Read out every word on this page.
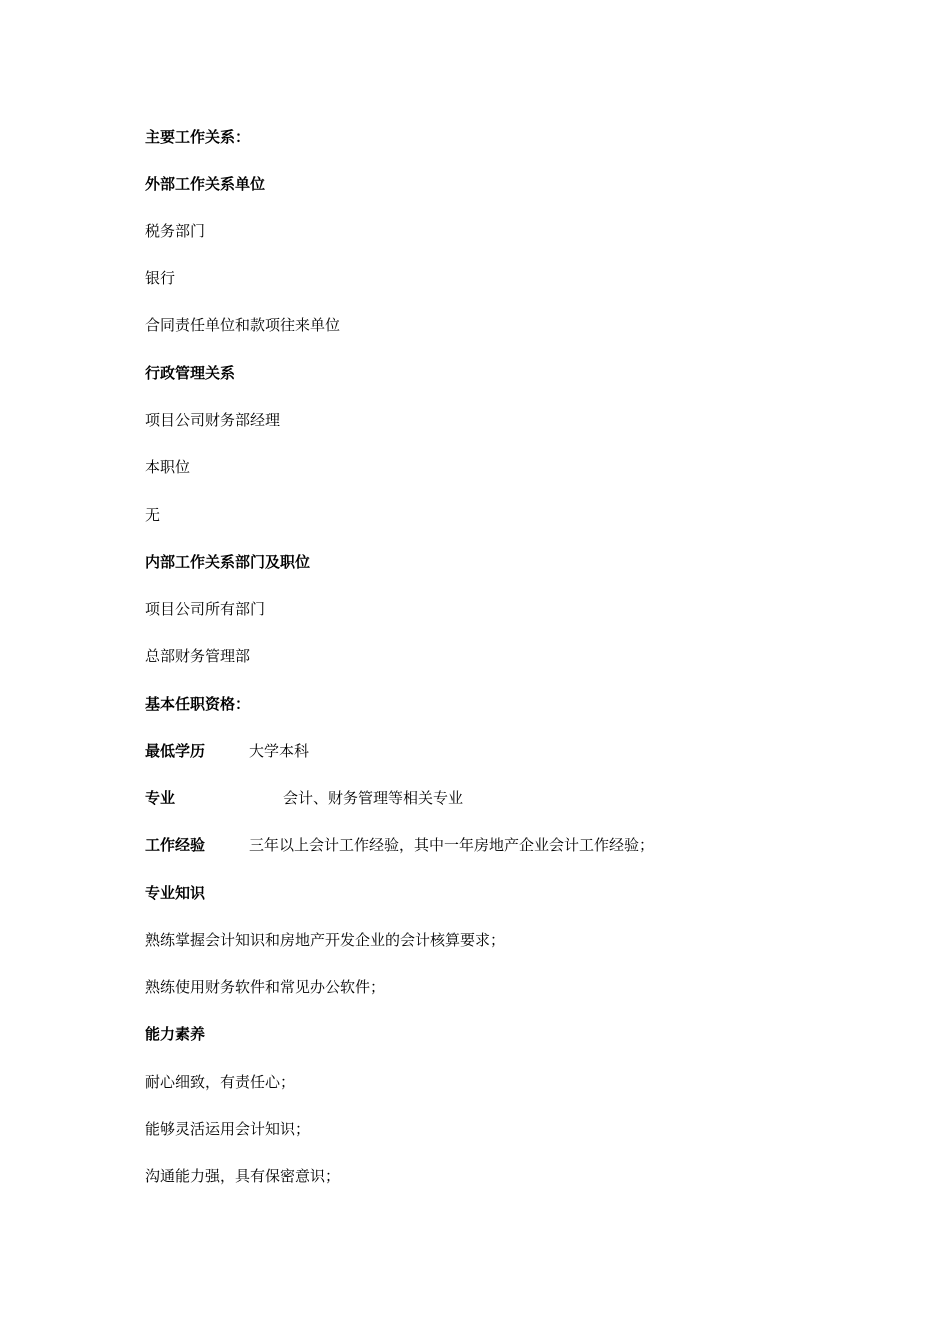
主要工作关系：
外部工作关系单位
税务部门
银行
合同责任单位和款项往来单位
行政管理关系
项目公司财务部经理
本职位
无
内部工作关系部门及职位
项目公司所有部门
总部财务管理部
基本任职资格：
最低学历	大学本科
专业	会计、财务管理等相关专业
工作经验	三年以上会计工作经验，其中一年房地产企业会计工作经验；
专业知识
熟练掌握会计知识和房地产开发企业的会计核算要求；
熟练使用财务软件和常见办公软件；
能力素养
耐心细致，有责任心；
能够灵活运用会计知识；
沟通能力强，具有保密意识；
